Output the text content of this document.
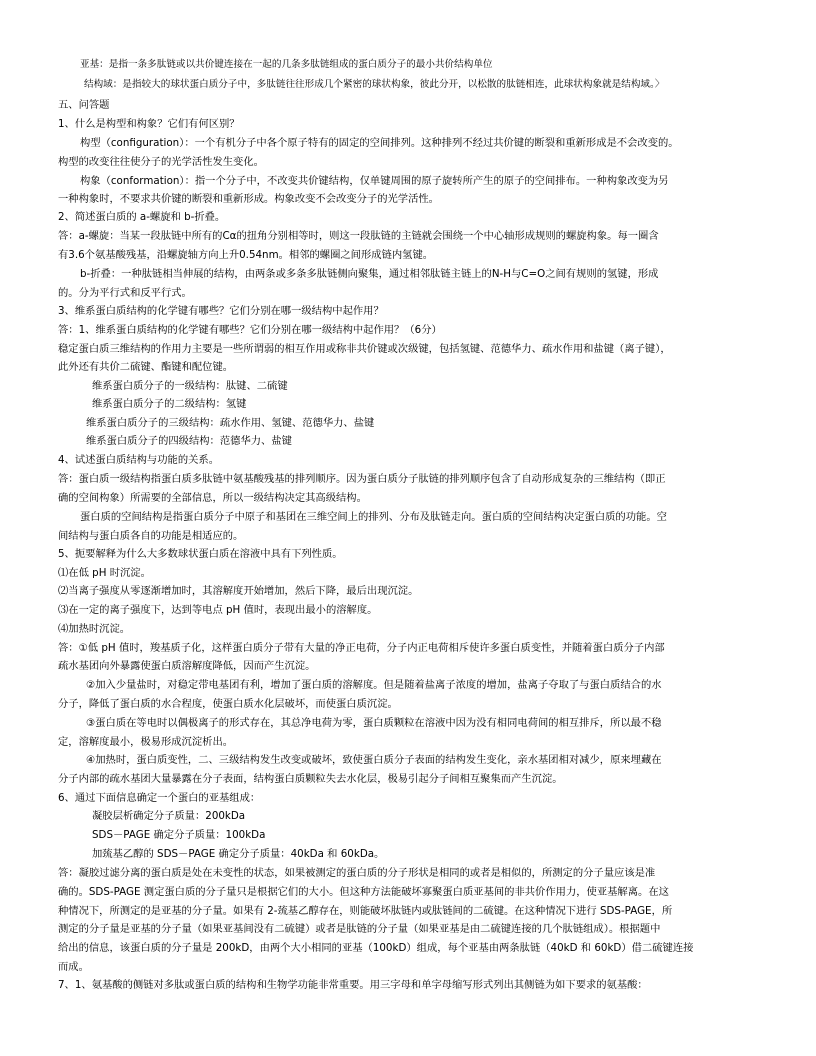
亚基：是指一条多肽链或以共价键连接在一起的几条多肽链组成的蛋白质分子的最小共价结构单位
结构域：是指较大的球状蛋白质分子中，多肽链往往形成几个紧密的球状构象，彼此分开，以松散的肽链相连，此球状构象就是结构域。〉
五、问答题
1、什么是构型和构象？它们有何区别？
构型（configuration）：一个有机分子中各个原子特有的固定的空间排列。这种排列不经过共价键的断裂和重新形成是不会改变的。
构型的改变往往使分子的光学活性发生变化。
构象（conformation）：指一个分子中，不改变共价键结构，仅单键周围的原子旋转所产生的原子的空间排布。一种构象改变为另
一种构象时，不要求共价键的断裂和重新形成。构象改变不会改变分子的光学活性。
2、简述蛋白质的 a-螺旋和 b-折叠。
答：a-螺旋：当某一段肽链中所有的Cα的扭角分别相等时，则这一段肽链的主链就会围绕一个中心轴形成规则的螺旋构象。每一圈含
有3.6个氨基酸残基，沿螺旋轴方向上升0.54nm。相邻的螺圈之间形成链内氢键。
b-折叠：一种肽链相当伸展的结构，由两条或多条多肽链侧向聚集，通过相邻肽链主链上的N-H与C=O之间有规则的氢键，形成
的。分为平行式和反平行式。
3、维系蛋白质结构的化学键有哪些？它们分别在哪一级结构中起作用？
答：1、维系蛋白质结构的化学键有哪些？它们分别在哪一级结构中起作用？（6分）
稳定蛋白质三维结构的作用力主要是一些所谓弱的相互作用或称非共价键或次级键，包括氢键、范德华力、疏水作用和盐键（离子键），
此外还有共价二硫键、酯键和配位键。
维系蛋白质分子的一级结构：肽键、二硫键
维系蛋白质分子的二级结构：氢键
维系蛋白质分子的三级结构：疏水作用、氢键、范德华力、盐键
维系蛋白质分子的四级结构：范德华力、盐键
4、试述蛋白质结构与功能的关系。
答：蛋白质一级结构指蛋白质多肽链中氨基酸残基的排列顺序。因为蛋白质分子肽链的排列顺序包含了自动形成复杂的三维结构（即正
确的空间构象）所需要的全部信息，所以一级结构决定其高级结构。
蛋白质的空间结构是指蛋白质分子中原子和基团在三维空间上的排列、分布及肽链走向。蛋白质的空间结构决定蛋白质的功能。空
间结构与蛋白质各自的功能是相适应的。
5、扼要解释为什么大多数球状蛋白质在溶液中具有下列性质。
⑴在低 pH 时沉淀。
⑵当离子强度从零逐渐增加时，其溶解度开始增加，然后下降，最后出现沉淀。
⑶在一定的离子强度下，达到等电点 pH 值时，表现出最小的溶解度。
⑷加热时沉淀。
答：①低 pH 值时，羧基质子化，这样蛋白质分子带有大量的净正电荷，分子内正电荷相斥使许多蛋白质变性，并随着蛋白质分子内部
疏水基团向外暴露使蛋白质溶解度降低，因而产生沉淀。
②加入少量盐时，对稳定带电基团有利，增加了蛋白质的溶解度。但是随着盐离子浓度的增加，盐离子夺取了与蛋白质结合的水
分子，降低了蛋白质的水合程度，使蛋白质水化层破坏，而使蛋白质沉淀。
③蛋白质在等电时以偶极离子的形式存在，其总净电荷为零，蛋白质颗粒在溶液中因为没有相同电荷间的相互排斥，所以最不稳
定，溶解度最小，极易形成沉淀析出。
④加热时，蛋白质变性，二、三级结构发生改变或破坏，致使蛋白质分子表面的结构发生变化，亲水基团相对减少，原来埋藏在
分子内部的疏水基团大量暴露在分子表面，结构蛋白质颗粒失去水化层，极易引起分子间相互聚集而产生沉淀。
6、通过下面信息确定一个蛋白的亚基组成：
凝胶层析确定分子质量：200kDa
SDS－PAGE 确定分子质量：100kDa
加巯基乙醇的 SDS－PAGE 确定分子质量：40kDa 和 60kDa。
答：凝胶过滤分离的蛋白质是处在未变性的状态，如果被测定的蛋白质的分子形状是相同的或者是相似的，所测定的分子量应该是准
确的。SDS-PAGE 测定蛋白质的分子量只是根据它们的大小。但这种方法能破坏寡聚蛋白质亚基间的非共价作用力，使亚基解离。在这
种情况下，所测定的是亚基的分子量。如果有 2-巯基乙醇存在，则能破坏肽链内或肽链间的二硫键。在这种情况下进行 SDS-PAGE，所
测定的分子量是亚基的分子量（如果亚基间没有二硫键）或者是肽链的分子量（如果亚基是由二硫键连接的几个肽链组成）。根据题中
给出的信息，该蛋白质的分子量是 200kD，由两个大小相同的亚基（100kD）组成，每个亚基由两条肽链（40kD 和 60kD）借二硫键连接
而成。
7、1、氨基酸的侧链对多肽或蛋白质的结构和生物学功能非常重要。用三字母和单字母缩写形式列出其侧链为如下要求的氨基酸：
